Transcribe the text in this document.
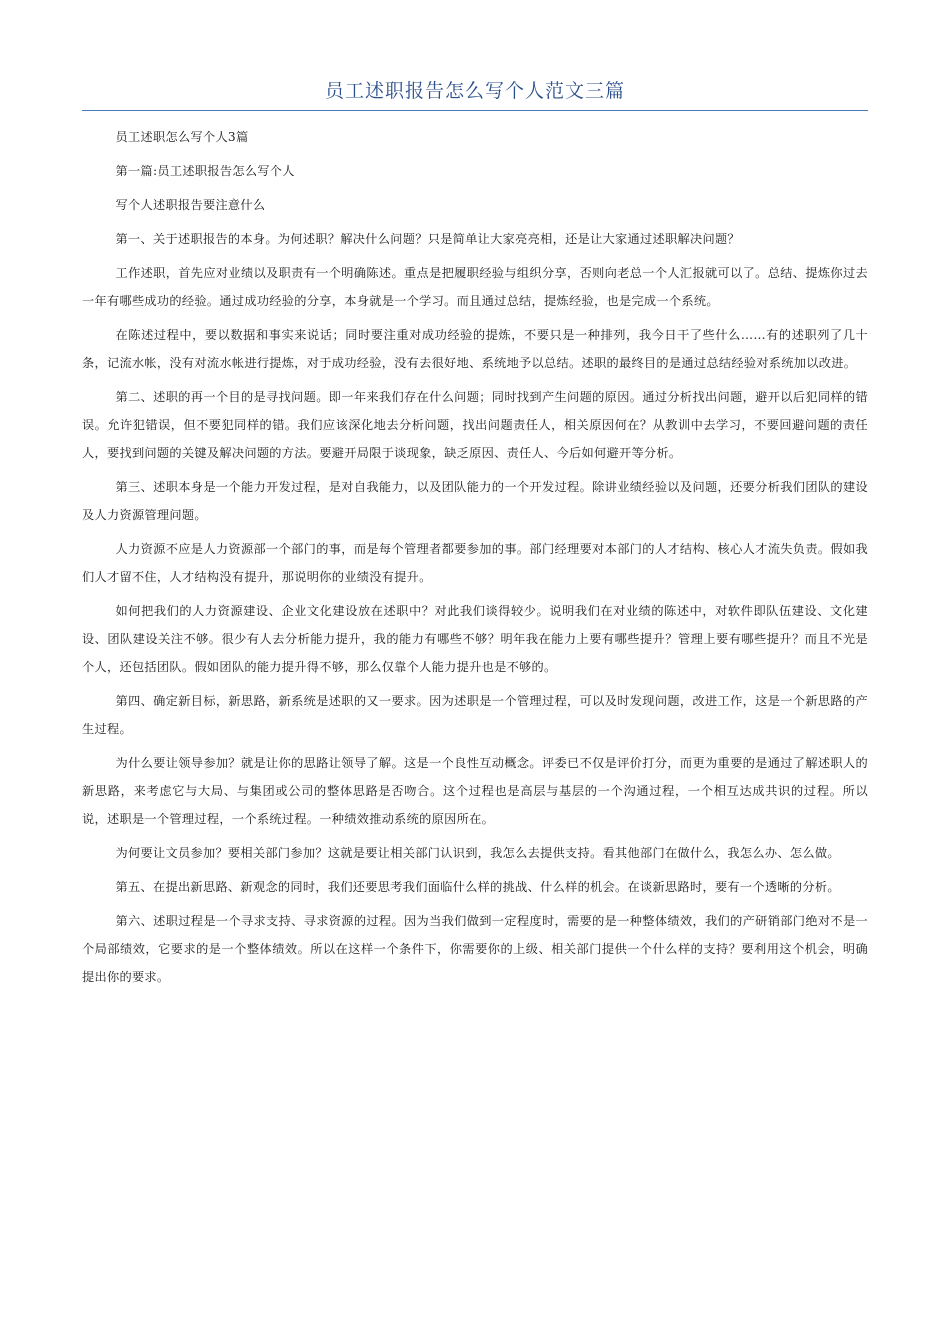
员工述职报告怎么写个人范文三篇

员工述职怎么写个人3篇

第一篇:员工述职报告怎么写个人

写个人述职报告要注意什么

第一、关于述职报告的本身。为何述职？解决什么问题？只是简单让大家亮亮相，还是让大家通过述职解决问题？

工作述职，首先应对业绩以及职责有一个明确陈述。重点是把履职经验与组织分享，否则向老总一个人汇报就可以了。总结、提炼你过去一年有哪些成功的经验。通过成功经验的分享，本身就是一个学习。而且通过总结，提炼经验，也是完成一个系统。

在陈述过程中，要以数据和事实来说话；同时要注重对成功经验的提炼，不要只是一种排列，我今日干了些什么……有的述职列了几十条，记流水帐，没有对流水帐进行提炼，对于成功经验，没有去很好地、系统地予以总结。述职的最终目的是通过总结经验对系统加以改进。

第二、述职的再一个目的是寻找问题。即一年来我们存在什么问题；同时找到产生问题的原因。通过分析找出问题，避开以后犯同样的错误。允许犯错误，但不要犯同样的错。我们应该深化地去分析问题，找出问题责任人，相关原因何在？从教训中去学习，不要回避问题的责任人，要找到问题的关键及解决问题的方法。要避开局限于谈现象，缺乏原因、责任人、今后如何避开等分析。

第三、述职本身是一个能力开发过程，是对自我能力，以及团队能力的一个开发过程。除讲业绩经验以及问题，还要分析我们团队的建设及人力资源管理问题。

人力资源不应是人力资源部一个部门的事，而是每个管理者都要参加的事。部门经理要对本部门的人才结构、核心人才流失负责。假如我们人才留不住，人才结构没有提升，那说明你的业绩没有提升。

如何把我们的人力资源建设、企业文化建设放在述职中？对此我们谈得较少。说明我们在对业绩的陈述中，对软件即队伍建设、文化建设、团队建设关注不够。很少有人去分析能力提升，我的能力有哪些不够？明年我在能力上要有哪些提升？管理上要有哪些提升？而且不光是个人，还包括团队。假如团队的能力提升得不够，那么仅靠个人能力提升也是不够的。

第四、确定新目标，新思路，新系统是述职的又一要求。因为述职是一个管理过程，可以及时发现问题，改进工作，这是一个新思路的产生过程。

为什么要让领导参加？就是让你的思路让领导了解。这是一个良性互动概念。评委已不仅是评价打分，而更为重要的是通过了解述职人的新思路，来考虑它与大局、与集团或公司的整体思路是否吻合。这个过程也是高层与基层的一个沟通过程，一个相互达成共识的过程。所以说，述职是一个管理过程，一个系统过程。一种绩效推动系统的原因所在。

为何要让文员参加？要相关部门参加？这就是要让相关部门认识到，我怎么去提供支持。看其他部门在做什么，我怎么办、怎么做。

第五、在提出新思路、新观念的同时，我们还要思考我们面临什么样的挑战、什么样的机会。在谈新思路时，要有一个透晰的分析。

第六、述职过程是一个寻求支持、寻求资源的过程。因为当我们做到一定程度时，需要的是一种整体绩效，我们的产研销部门绝对不是一个局部绩效，它要求的是一个整体绩效。所以在这样一个条件下，你需要你的上级、相关部门提供一个什么样的支持？要利用这个机会，明确提出你的要求。
